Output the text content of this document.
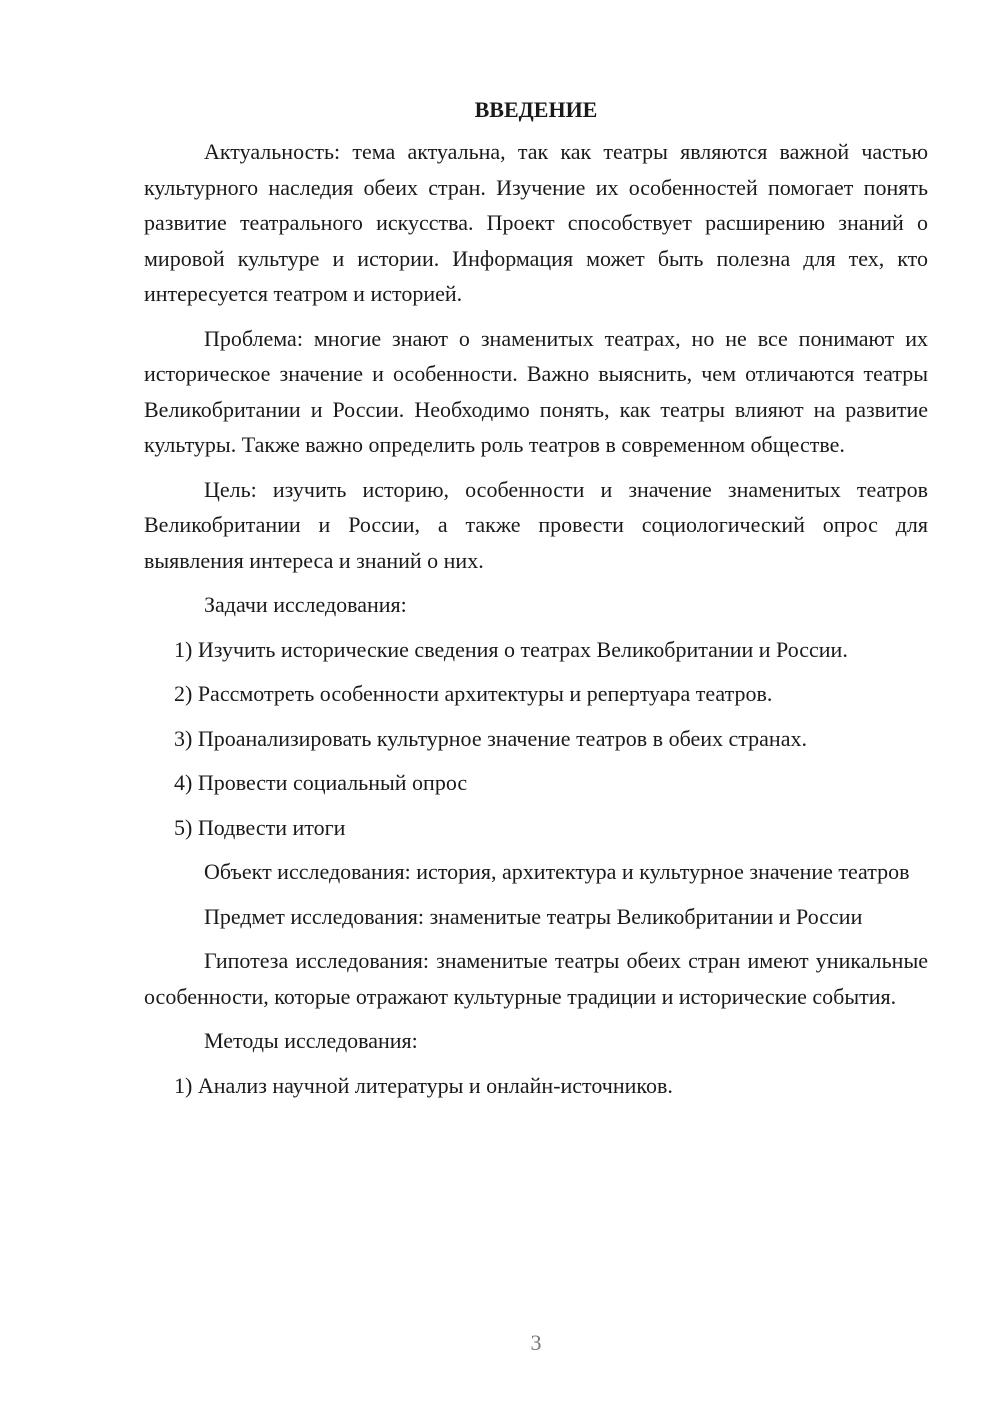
ВВЕДЕНИЕ

Актуальность: тема актуальна, так как театры являются важной частью культурного наследия обеих стран. Изучение их особенностей помогает понять развитие театрального искусства. Проект способствует расширению знаний о мировой культуре и истории. Информация может быть полезна для тех, кто интересуется театром и историей.

Проблема: многие знают о знаменитых театрах, но не все понимают их историческое значение и особенности. Важно выяснить, чем отличаются театры Великобритании и России. Необходимо понять, как театры влияют на развитие культуры. Также важно определить роль театров в современном обществе.

Цель: изучить историю, особенности и значение знаменитых театров Великобритании и России, а также провести социологический опрос для выявления интереса и знаний о них.

Задачи исследования:

1) Изучить исторические сведения о театрах Великобритании и России.

2) Рассмотреть особенности архитектуры и репертуара театров.

3) Проанализировать культурное значение театров в обеих странах.

4) Провести социальный опрос

5) Подвести итоги

Объект исследования: история, архитектура и культурное значение театров

Предмет исследования: знаменитые театры Великобритании и России

Гипотеза исследования: знаменитые театры обеих стран имеют уникальные особенности, которые отражают культурные традиции и исторические события.

Методы исследования:

1) Анализ научной литературы и онлайн-источников.

3
